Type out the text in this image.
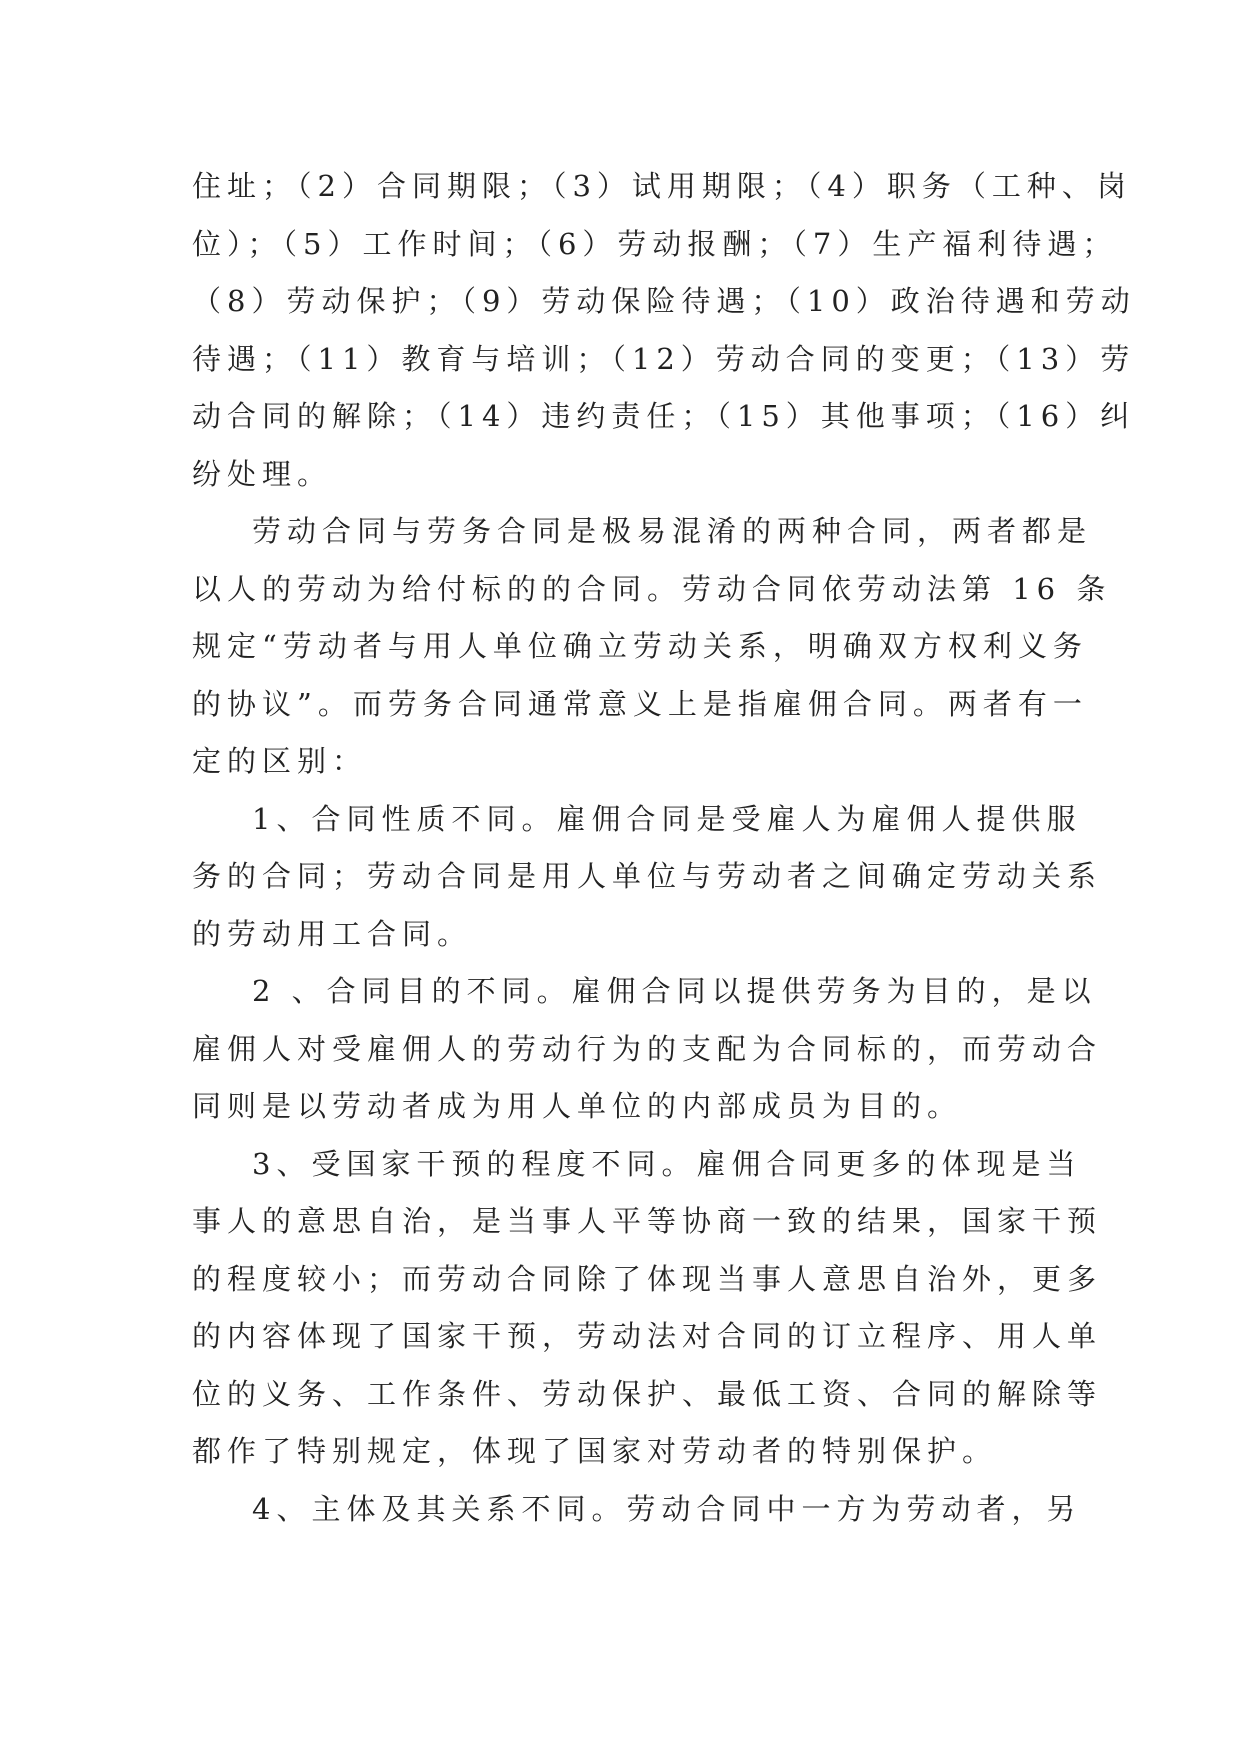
住址；（2）合同期限；（3）试用期限；（4）职务（工种、岗
位）；（5）工作时间；（6）劳动报酬；（7）生产福利待遇；
（8）劳动保护；（9）劳动保险待遇；（10）政治待遇和劳动
待遇；（11）教育与培训；（12）劳动合同的变更；（13）劳
动合同的解除；（14）违约责任；（15）其他事项；（16）纠
纷处理。
劳动合同与劳务合同是极易混淆的两种合同，两者都是
以人的劳动为给付标的的合同。劳动合同依劳动法第 16 条
规定“劳动者与用人单位确立劳动关系，明确双方权利义务
的协议”。而劳务合同通常意义上是指雇佣合同。两者有一
定的区别：
1、合同性质不同。雇佣合同是受雇人为雇佣人提供服
务的合同；劳动合同是用人单位与劳动者之间确定劳动关系
的劳动用工合同。
2 、合同目的不同。雇佣合同以提供劳务为目的，是以
雇佣人对受雇佣人的劳动行为的支配为合同标的，而劳动合
同则是以劳动者成为用人单位的内部成员为目的。
3、受国家干预的程度不同。雇佣合同更多的体现是当
事人的意思自治，是当事人平等协商一致的结果，国家干预
的程度较小；而劳动合同除了体现当事人意思自治外，更多
的内容体现了国家干预，劳动法对合同的订立程序、用人单
位的义务、工作条件、劳动保护、最低工资、合同的解除等
都作了特别规定，体现了国家对劳动者的特别保护。
4、主体及其关系不同。劳动合同中一方为劳动者，另
